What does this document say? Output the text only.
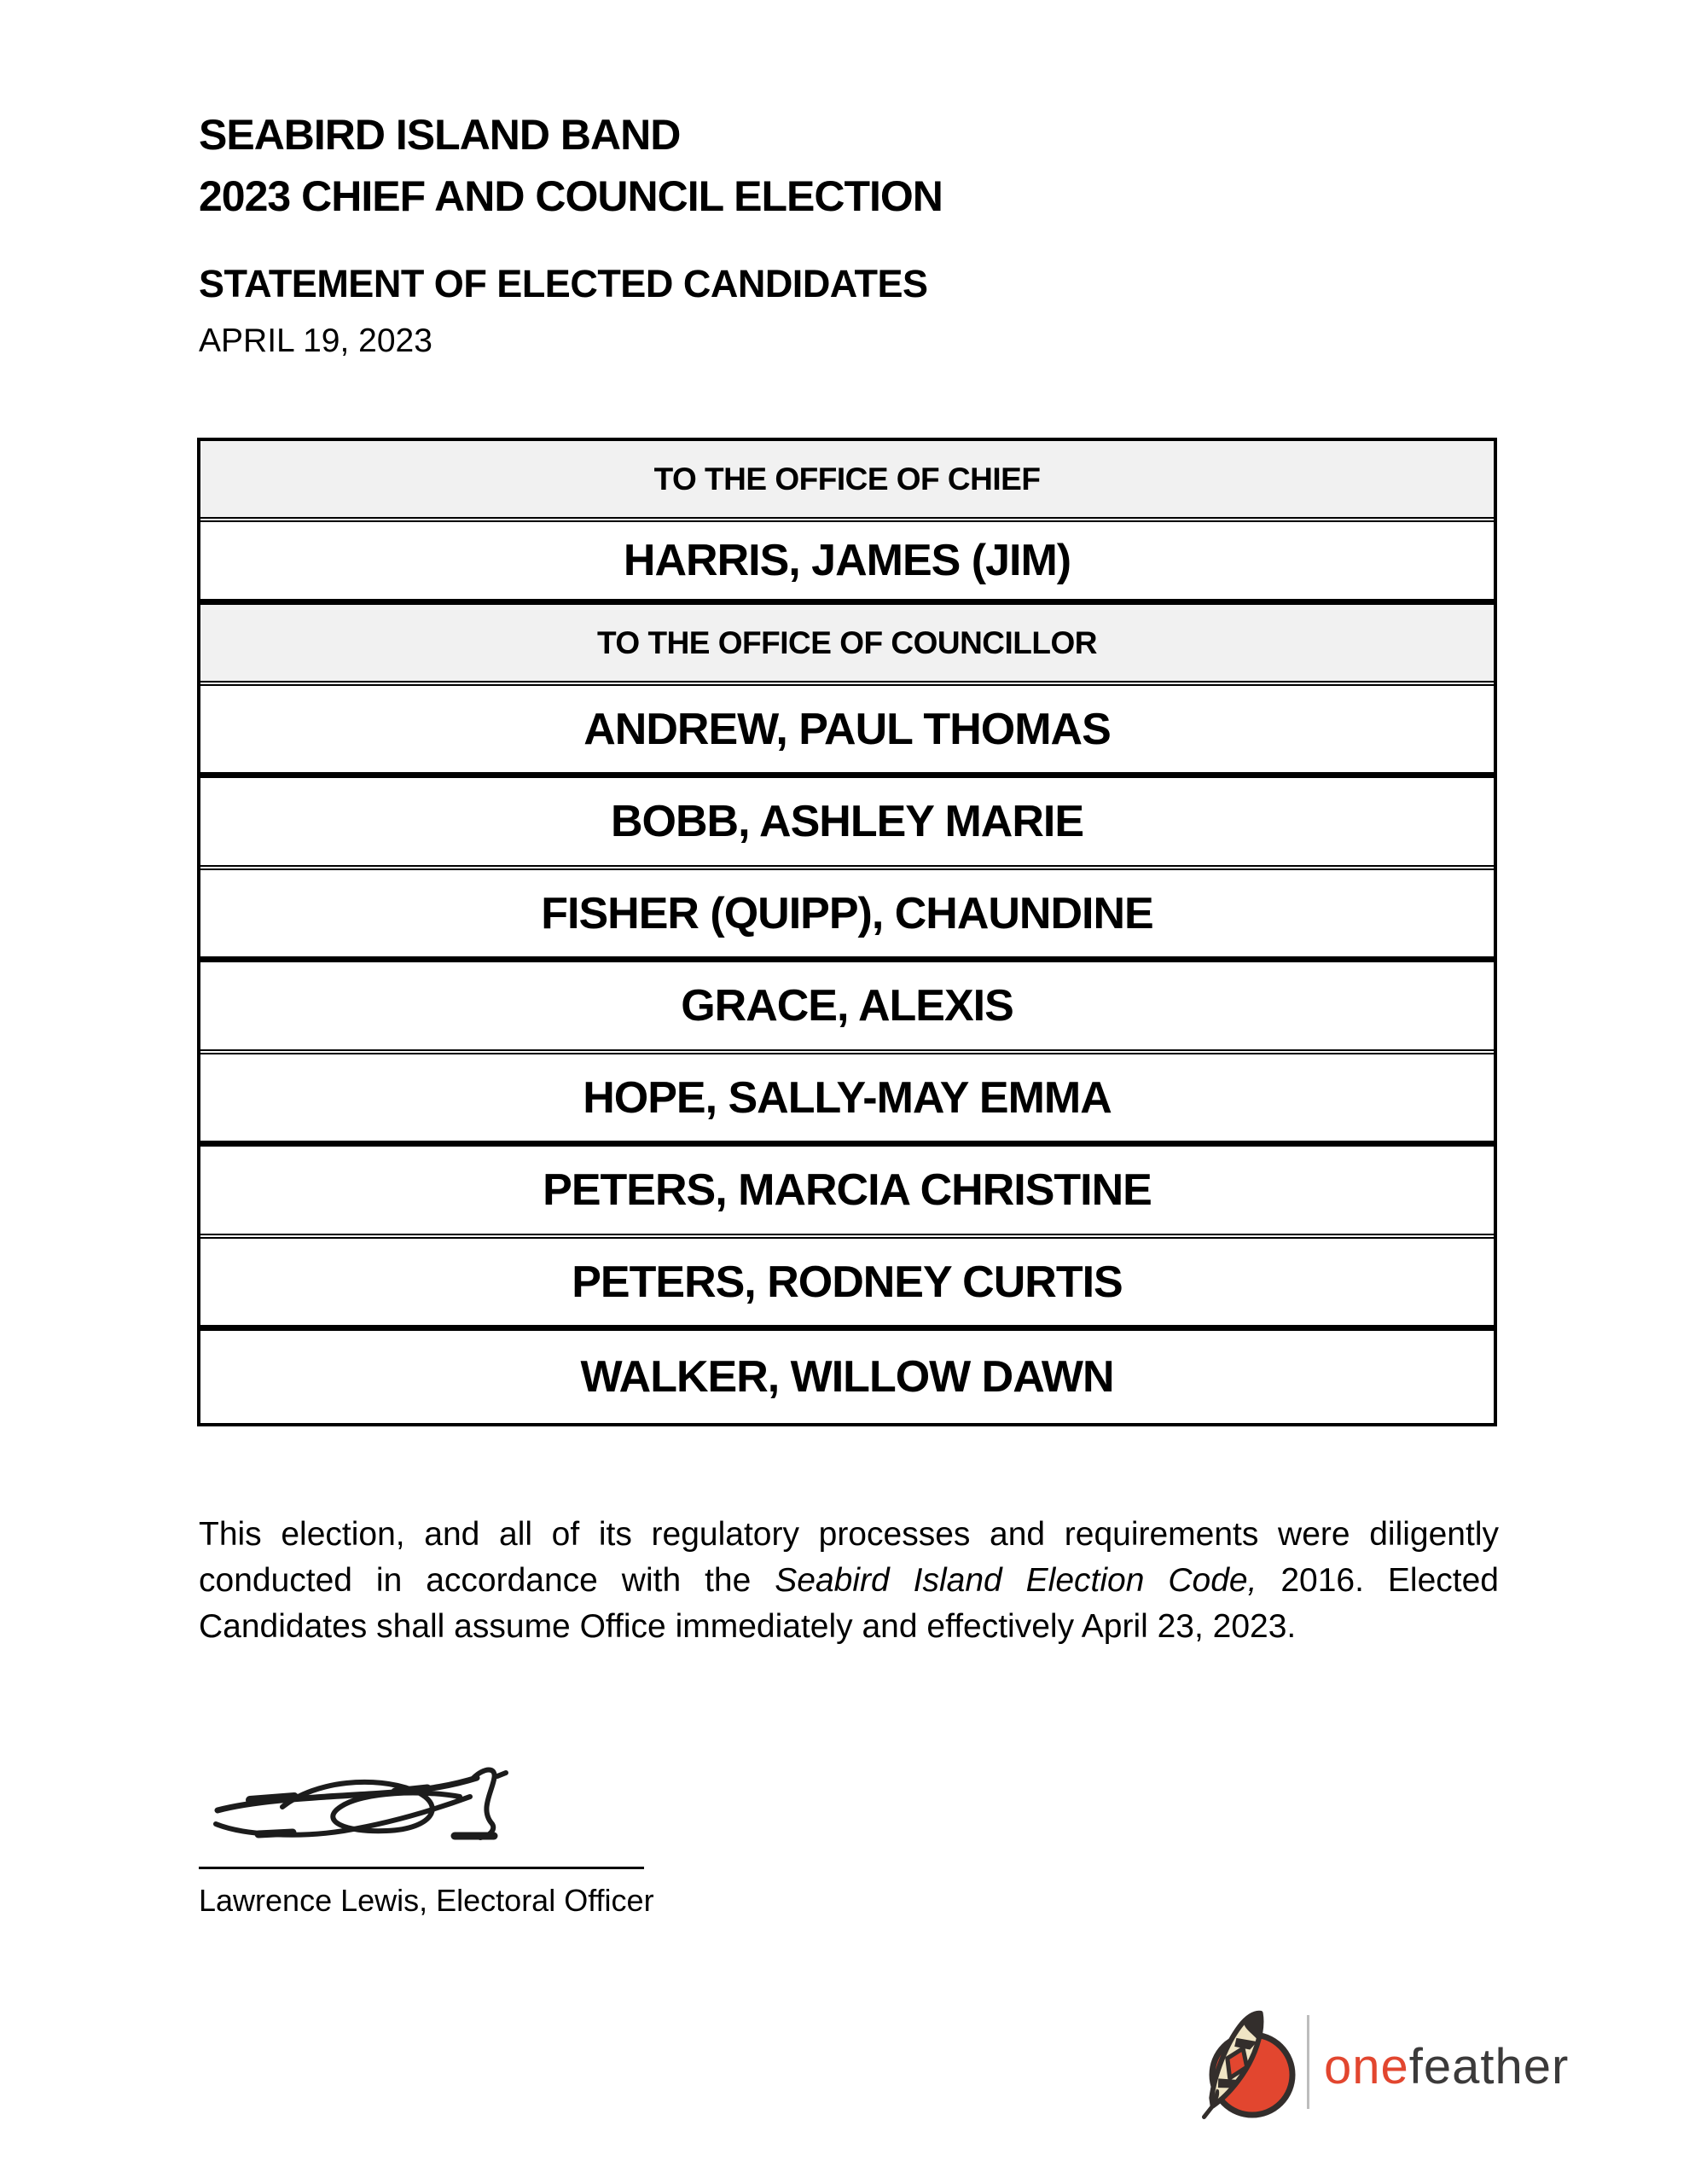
SEABIRD ISLAND BAND
2023 CHIEF AND COUNCIL ELECTION
STATEMENT OF ELECTED CANDIDATES
APRIL 19, 2023
TO THE OFFICE OF CHIEF
HARRIS, JAMES (JIM)
TO THE OFFICE OF COUNCILLOR
ANDREW, PAUL THOMAS
BOBB, ASHLEY MARIE
FISHER (QUIPP), CHAUNDINE
GRACE, ALEXIS
HOPE, SALLY-MAY EMMA
PETERS, MARCIA CHRISTINE
PETERS, RODNEY CURTIS
WALKER, WILLOW DAWN

This election, and all of its regulatory processes and requirements were diligently conducted in accordance with the Seabird Island Election Code, 2016. Elected Candidates shall assume Office immediately and effectively April 23, 2023.

Lawrence Lewis, Electoral Officer
onefeather
